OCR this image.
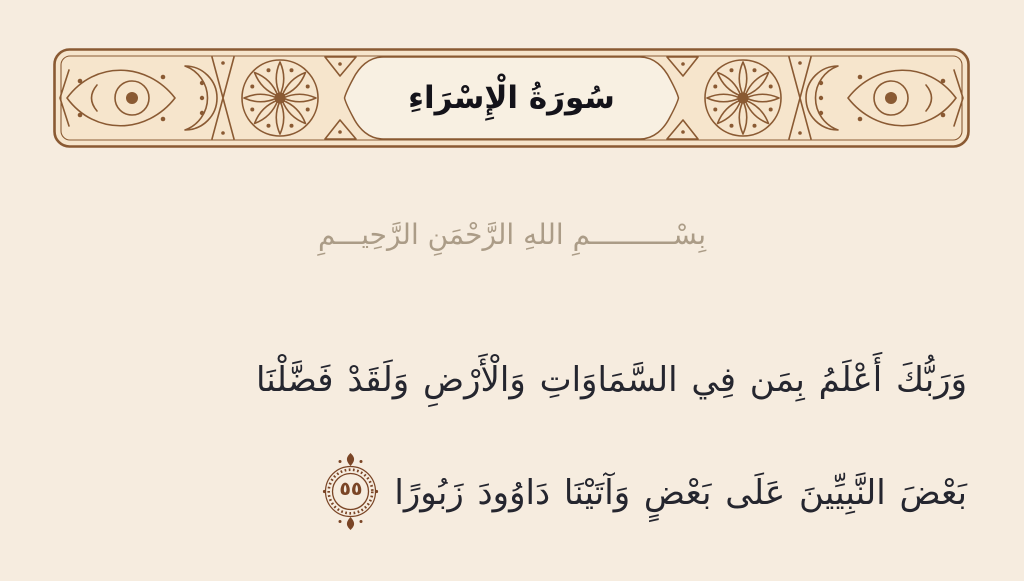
سُورَةُ الْإِسْرَاءِ
بِسْــــــــــمِ اللهِ الرَّحْمَنِ الرَّحِيـــمِ
وَرَبُّكَ أَعْلَمُ بِمَن فِي السَّمَاوَاتِ وَالْأَرْضِ وَلَقَدْ فَضَّلْنَا
بَعْضَ النَّبِيِّينَ عَلَى بَعْضٍ وَآتَيْنَا دَاوُودَ زَبُورًا
٥٥
